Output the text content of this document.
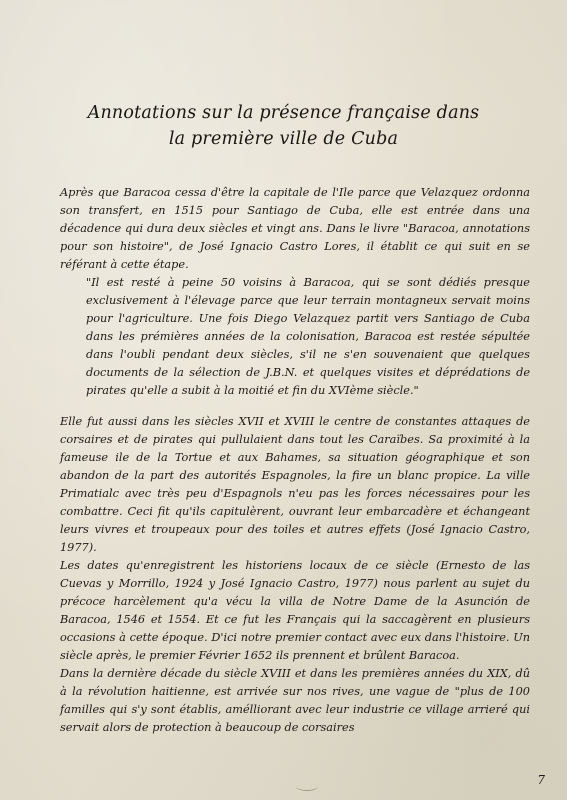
Annotations sur la présence française dans
la première ville de Cuba

Après que Baracoa cessa d'être la capitale de l'Ile parce que Velazquez ordonna son transfert, en 1515 pour Santiago de Cuba, elle est entrée dans una décadence qui dura deux siècles et vingt ans. Dans le livre "Baracoa, annotations pour son histoire", de José Ignacio Castro Lores, il établit ce qui suit en se référant à cette étape.

"Il est resté à peine 50 voisins à Baracoa, qui se sont dédiés presque exclusivement à l'élevage parce que leur terrain montagneux servait moins pour l'agriculture. Une fois Diego Velazquez partit vers Santiago de Cuba dans les prémières années de la colonisation, Baracoa est restée sépultée dans l'oubli pendant deux siècles, s'il ne s'en souvenaient que quelques documents de la sélection de J.B.N. et quelques visites et déprédations de pirates qu'elle a subit à la moitié et fin du XVIème siècle."

Elle fut aussi dans les siècles XVII et XVIII le centre de constantes attaques de corsaires et de pirates qui pullulaient dans tout les Caraïbes. Sa proximité à la fameuse ile de la Tortue et aux Bahames, sa situation géographique et son abandon de la part des autorités Espagnoles, la fire un blanc propice. La ville Primatialc avec très peu d'Espagnols n'eu pas les forces nécessaires pour les combattre. Ceci fit qu'ils capitulèrent, ouvrant leur embarcadère et échangeant leurs vivres et troupeaux pour des toiles et autres effets (José Ignacio Castro, 1977).

Les dates qu'enregistrent les historiens locaux de ce siècle (Ernesto de las Cuevas y Morrillo, 1924 y José Ignacio Castro, 1977) nous parlent au sujet du précoce harcèlement qu'a vécu la villa de Notre Dame de la Asunción de Baracoa, 1546 et 1554. Et ce fut les Français qui la saccagèrent en plusieurs occasions à cette époque. D'ici notre premier contact avec eux dans l'histoire. Un siècle après, le premier Février 1652 ils prennent et brûlent Baracoa.

Dans la dernière décade du siècle XVIII et dans les premières années du XIX, dû à la révolution haitienne, est arrivée sur nos rives, une vague de "plus de 100 familles qui s'y sont établis, amélliorant avec leur industrie ce village arrieré qui servait alors de protection à beaucoup de corsaires

7
